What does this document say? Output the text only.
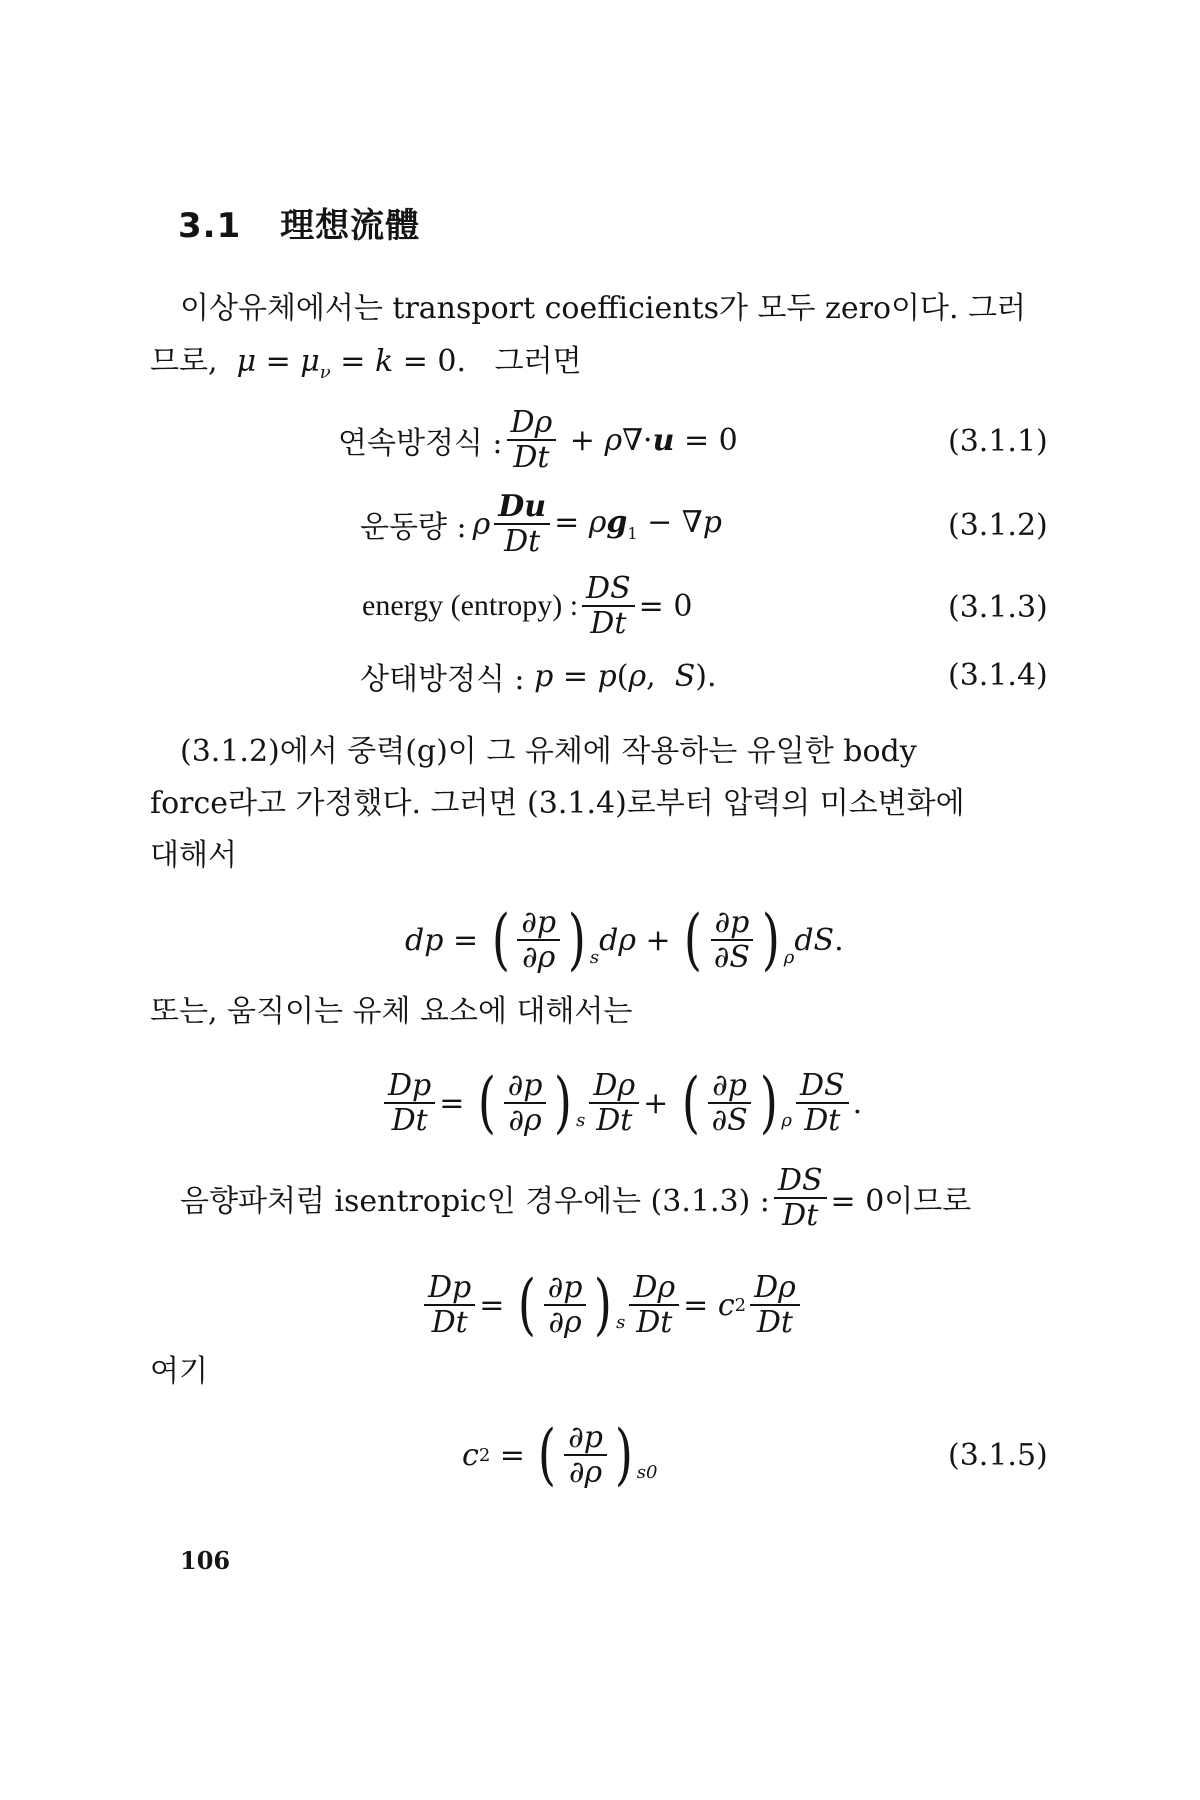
3.1 理想流體
이상유체에서는 transport coefficients가 모두 zero이다. 그러
므로, $\mu = \mu_\nu = k = 0$.   그러면
연속방정식 : $\frac{D\rho}{Dt} + \rho\nabla\cdot u = 0$	(3.1.1)
운동량 : ρ $\frac{Du}{Dt} = \rho g_1 - \nabla p$	(3.1.2)
energy (entropy) : $\frac{DS}{Dt} = 0$	(3.1.3)
상태방정식 : p = p(ρ,  S).	(3.1.4)
(3.1.2)에서 중력(g)이 그 유체에 작용하는 유일한 body
force라고 가정했다. 그러면 (3.1.4)로부터 압력의 미소변화에
대해서
dp = ( $\frac{\partial p}{\partial\rho}$ ) s dρ + ( $\frac{\partial p}{\partial S}$ ) ρ dS .
또는, 움직이는 유체 요소에 대해서는
$\frac{Dp}{Dt}$ = ( $\frac{\partial p}{\partial\rho}$ ) s $\frac{D\rho}{Dt}$ + ( $\frac{\partial p}{\partial S}$ ) ρ $\frac{DS}{Dt}$ .
음향파처럼 isentropic인 경우에는 (3.1.3) : $\frac{DS}{Dt} = 0$이므로
$\frac{Dp}{Dt}$ = ( $\frac{\partial p}{\partial\rho}$ ) s $\frac{D\rho}{Dt} = c$ $2 \frac{D\rho}{Dt}$
여기
c 2 = ( $\frac{\partial p}{\partial\rho}$ ) s0	(3.1.5)
106
